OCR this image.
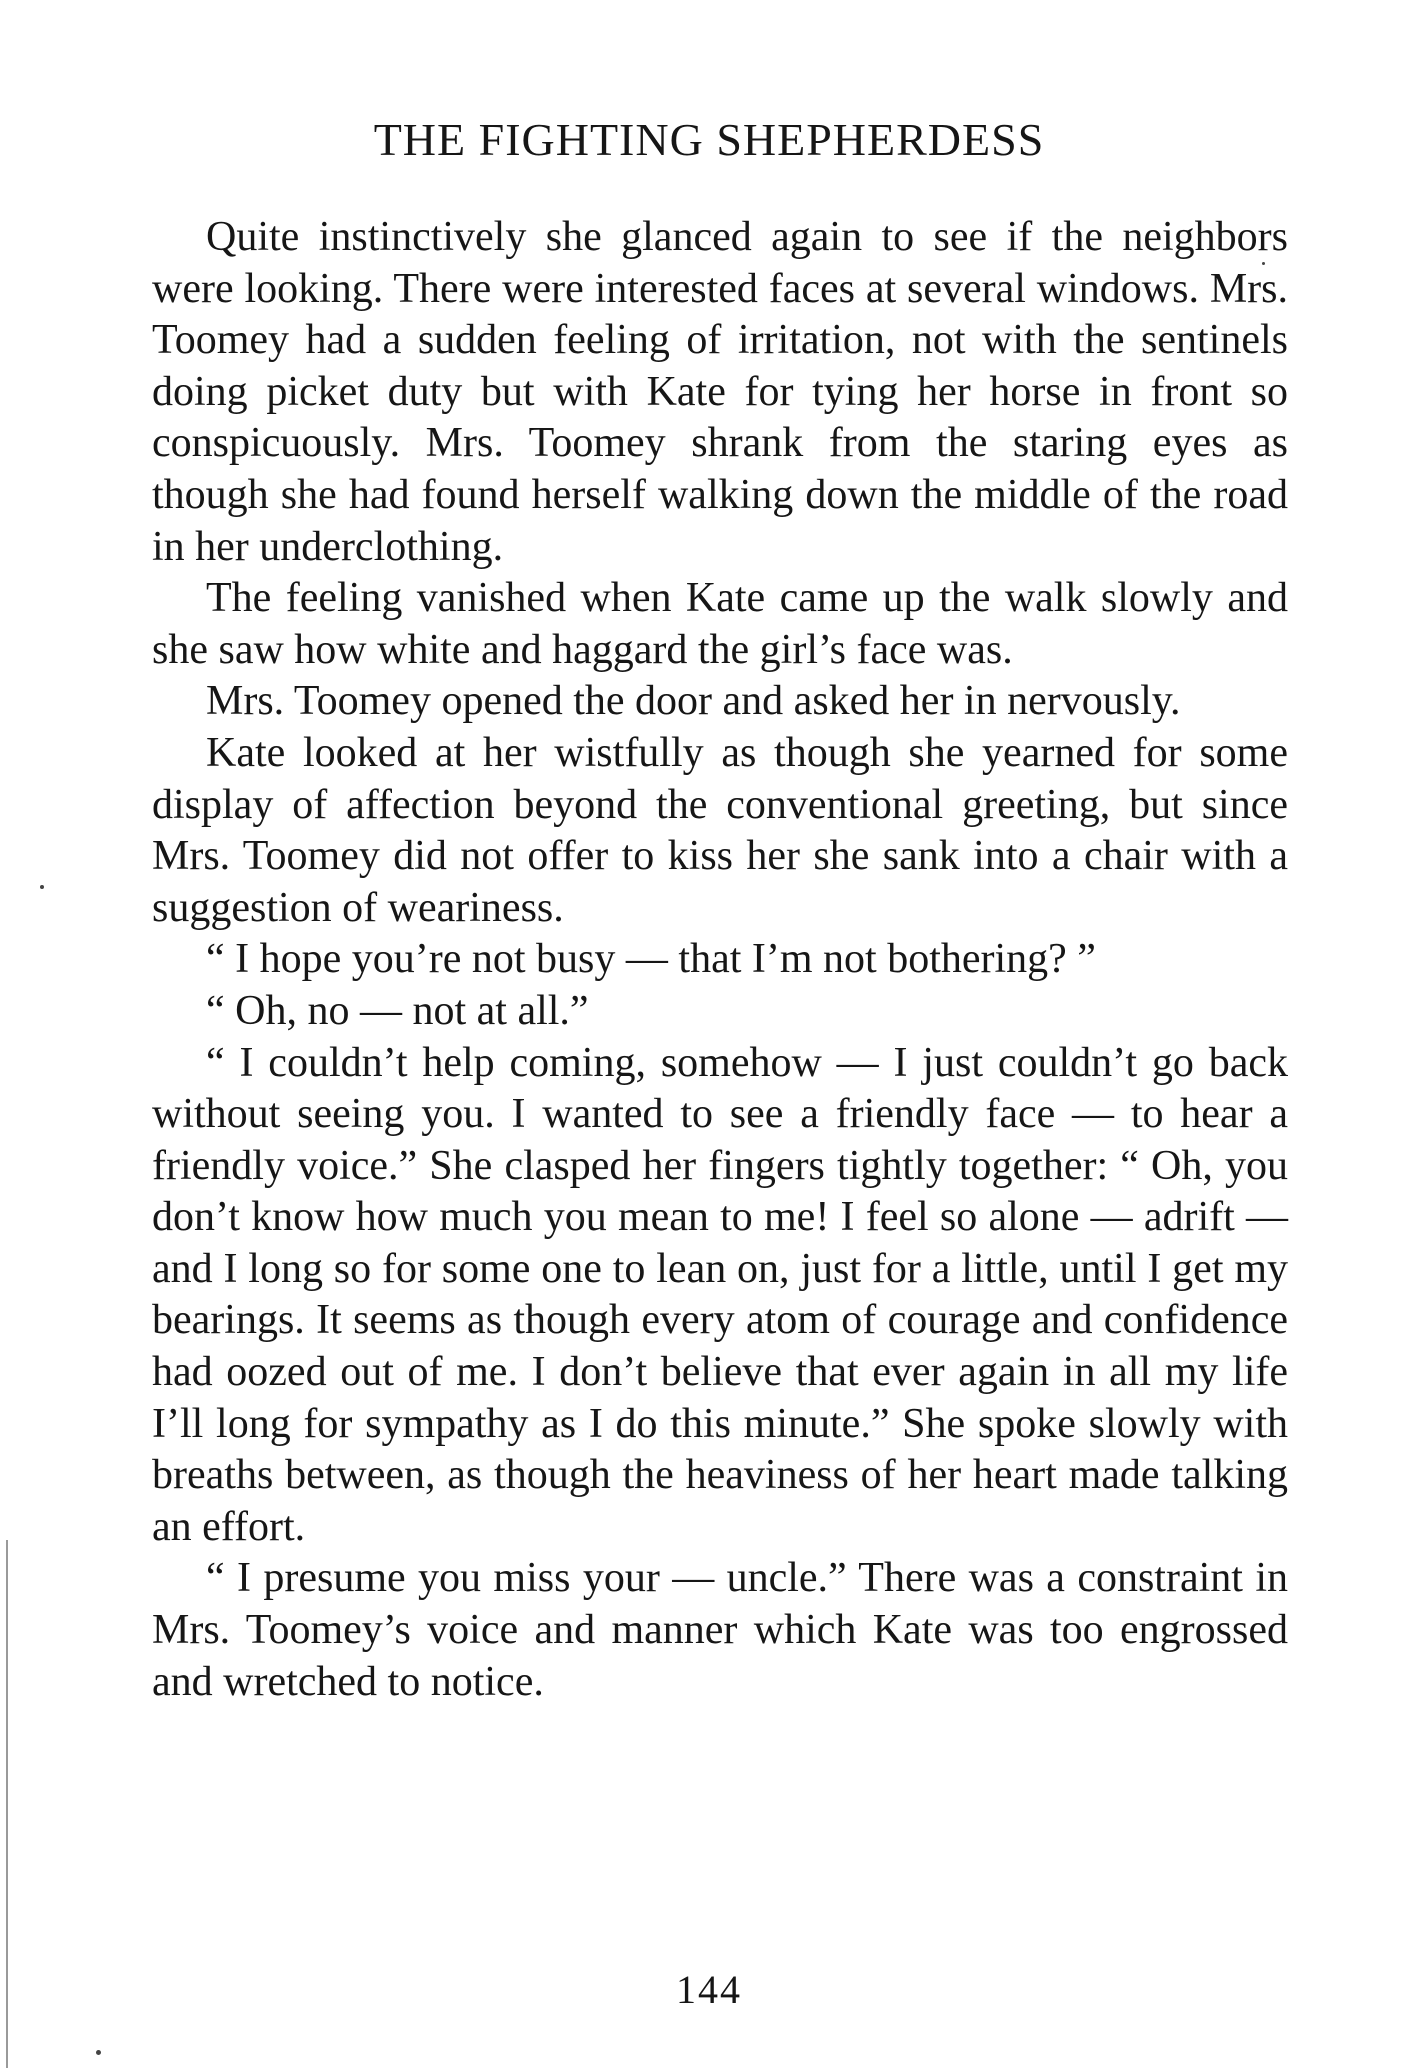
THE FIGHTING SHEPHERDESS

Quite instinctively she glanced again to see if the neighbors were looking. There were interested faces at several windows. Mrs. Toomey had a sudden feeling of irritation, not with the sentinels doing picket duty but with Kate for tying her horse in front so conspicuously. Mrs. Toomey shrank from the staring eyes as though she had found herself walking down the middle of the road in her underclothing.

The feeling vanished when Kate came up the walk slowly and she saw how white and haggard the girl’s face was.

Mrs. Toomey opened the door and asked her in nervously.

Kate looked at her wistfully as though she yearned for some display of affection beyond the conventional greeting, but since Mrs. Toomey did not offer to kiss her she sank into a chair with a suggestion of weariness.

“ I hope you’re not busy — that I’m not bothering? ”

“ Oh, no — not at all.”

“ I couldn’t help coming, somehow — I just couldn’t go back without seeing you. I wanted to see a friendly face — to hear a friendly voice.” She clasped her fingers tightly together: “ Oh, you don’t know how much you mean to me! I feel so alone — adrift — and I long so for some one to lean on, just for a little, until I get my bearings. It seems as though every atom of courage and confidence had oozed out of me. I don’t believe that ever again in all my life I’ll long for sympathy as I do this minute.” She spoke slowly with breaths between, as though the heaviness of her heart made talking an effort.

“ I presume you miss your — uncle.” There was a constraint in Mrs. Toomey’s voice and manner which Kate was too engrossed and wretched to notice.

144
